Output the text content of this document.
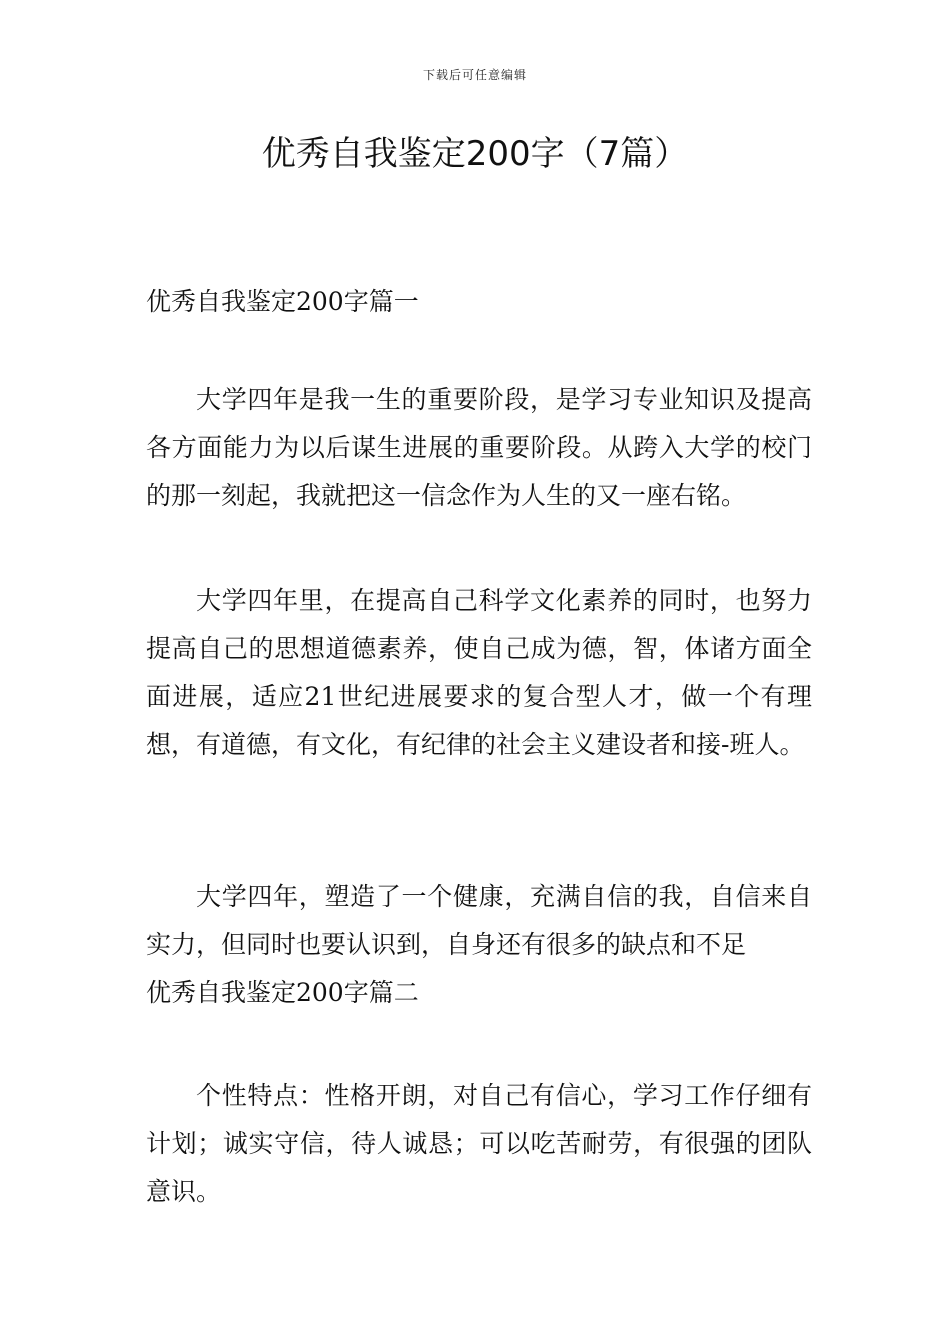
下载后可任意编辑
优秀自我鉴定200字（7篇）
优秀自我鉴定200字篇一

大学四年是我一生的重要阶段，是学习专业知识及提高各方面能力为以后谋生进展的重要阶段。从跨入大学的校门的那一刻起，我就把这一信念作为人生的又一座右铭。

大学四年里，在提高自己科学文化素养的同时，也努力提高自己的思想道德素养，使自己成为德，智，体诸方面全面进展，适应21世纪进展要求的复合型人才，做一个有理想，有道德，有文化，有纪律的社会主义建设者和接-班人。

大学四年，塑造了一个健康，充满自信的我，自信来自实力，但同时也要认识到，自身还有很多的缺点和不足

优秀自我鉴定200字篇二

个性特点：性格开朗，对自己有信心，学习工作仔细有计划；诚实守信，待人诚恳；可以吃苦耐劳，有很强的团队意识。
